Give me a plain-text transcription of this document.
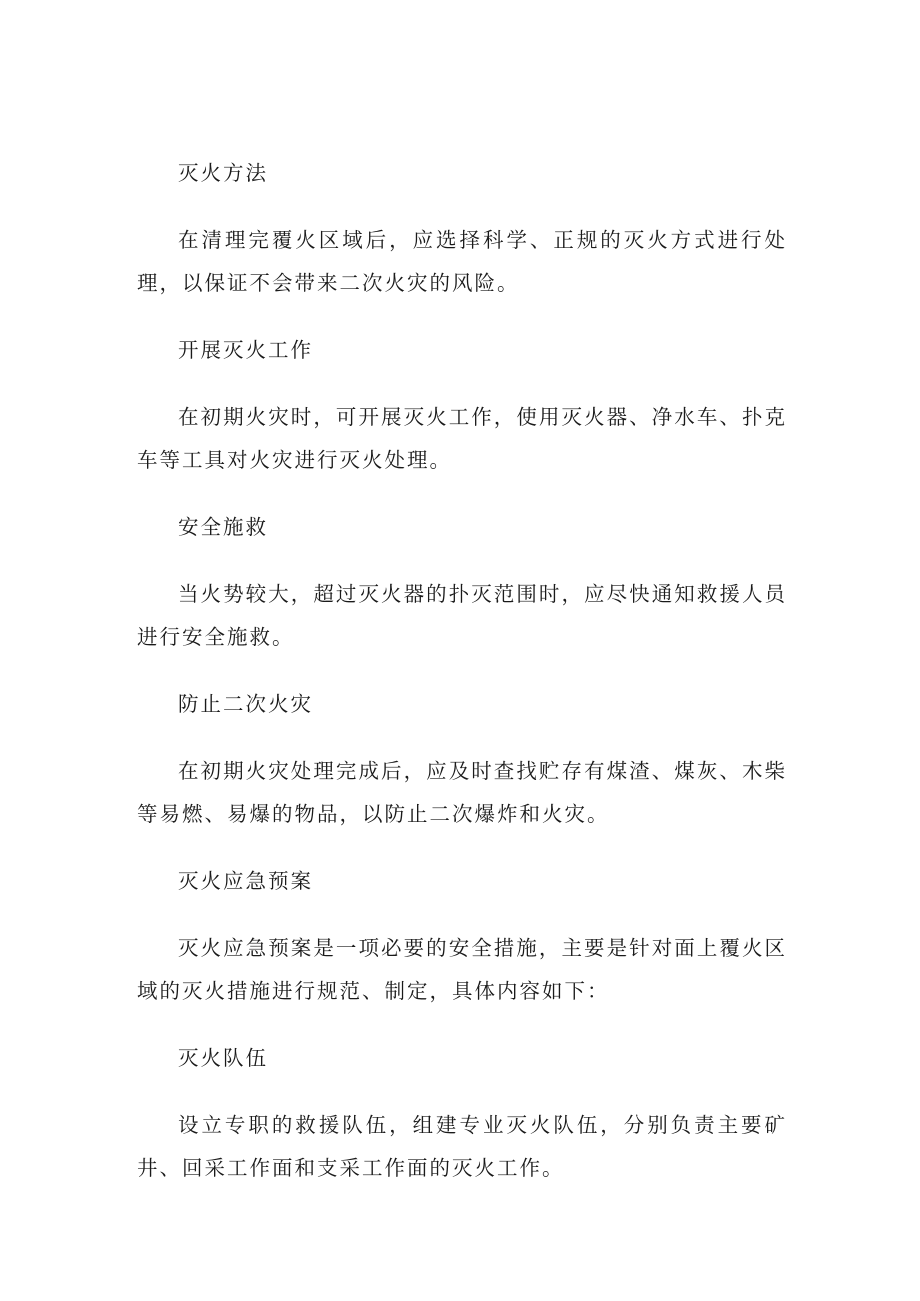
灭火方法

在清理完覆火区域后，应选择科学、正规的灭火方式进行处理，以保证不会带来二次火灾的风险。

开展灭火工作

在初期火灾时，可开展灭火工作，使用灭火器、净水车、扑克车等工具对火灾进行灭火处理。

安全施救

当火势较大，超过灭火器的扑灭范围时，应尽快通知救援人员进行安全施救。

防止二次火灾

在初期火灾处理完成后，应及时查找贮存有煤渣、煤灰、木柴等易燃、易爆的物品，以防止二次爆炸和火灾。

灭火应急预案

灭火应急预案是一项必要的安全措施，主要是针对面上覆火区域的灭火措施进行规范、制定，具体内容如下：

灭火队伍

设立专职的救援队伍，组建专业灭火队伍，分别负责主要矿井、回采工作面和支采工作面的灭火工作。
